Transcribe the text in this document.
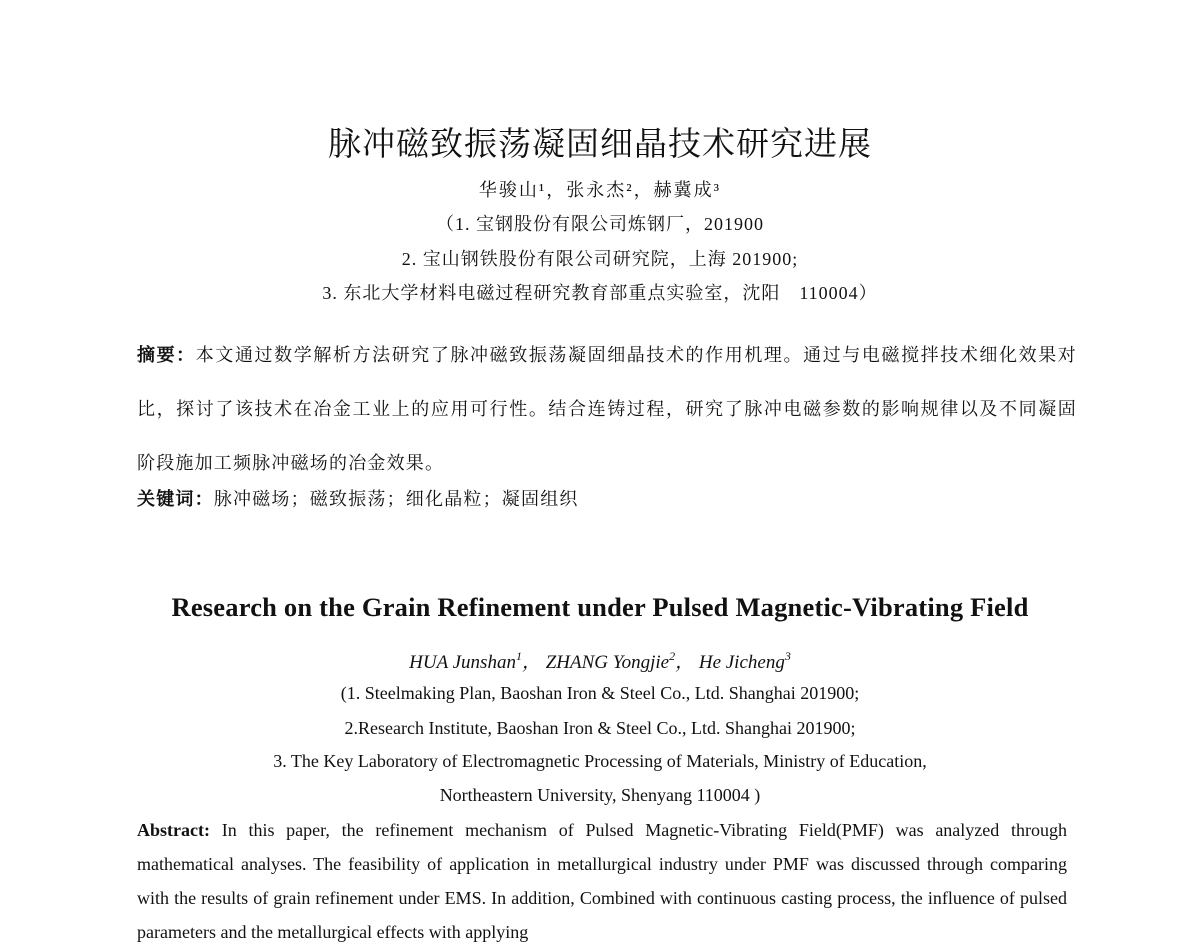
脉冲磁致振荡凝固细晶技术研究进展
华骏山¹，张永杰²，赫冀成³
（1. 宝钢股份有限公司炼钢厂，201900
2. 宝山钢铁股份有限公司研究院，上海 201900;
3. 东北大学材料电磁过程研究教育部重点实验室，沈阳　110004）
摘要：本文通过数学解析方法研究了脉冲磁致振荡凝固细晶技术的作用机理。通过与电磁搅拌技术细化效果对比，探讨了该技术在冶金工业上的应用可行性。结合连铸过程，研究了脉冲电磁参数的影响规律以及不同凝固阶段施加工频脉冲磁场的冶金效果。
关键词：脉冲磁场；磁致振荡；细化晶粒；凝固组织
Research on the Grain Refinement under Pulsed Magnetic-Vibrating Field
HUA Junshan$^1$， ZHANG Yongjie$^2$， He Jicheng$^3$
(1. Steelmaking Plan, Baoshan Iron & Steel Co., Ltd. Shanghai 201900;
2.Research Institute, Baoshan Iron & Steel Co., Ltd. Shanghai 201900;
3. The Key Laboratory of Electromagnetic Processing of Materials, Ministry of Education,
Northeastern University, Shenyang 110004 )
Abstract: In this paper, the refinement mechanism of Pulsed Magnetic-Vibrating Field(PMF) was analyzed through mathematical analyses. The feasibility of application in metallurgical industry under PMF was discussed through comparing with the results of grain refinement under EMS. In addition, Combined with continuous casting process, the influence of pulsed parameters and the metallurgical effects with applying
